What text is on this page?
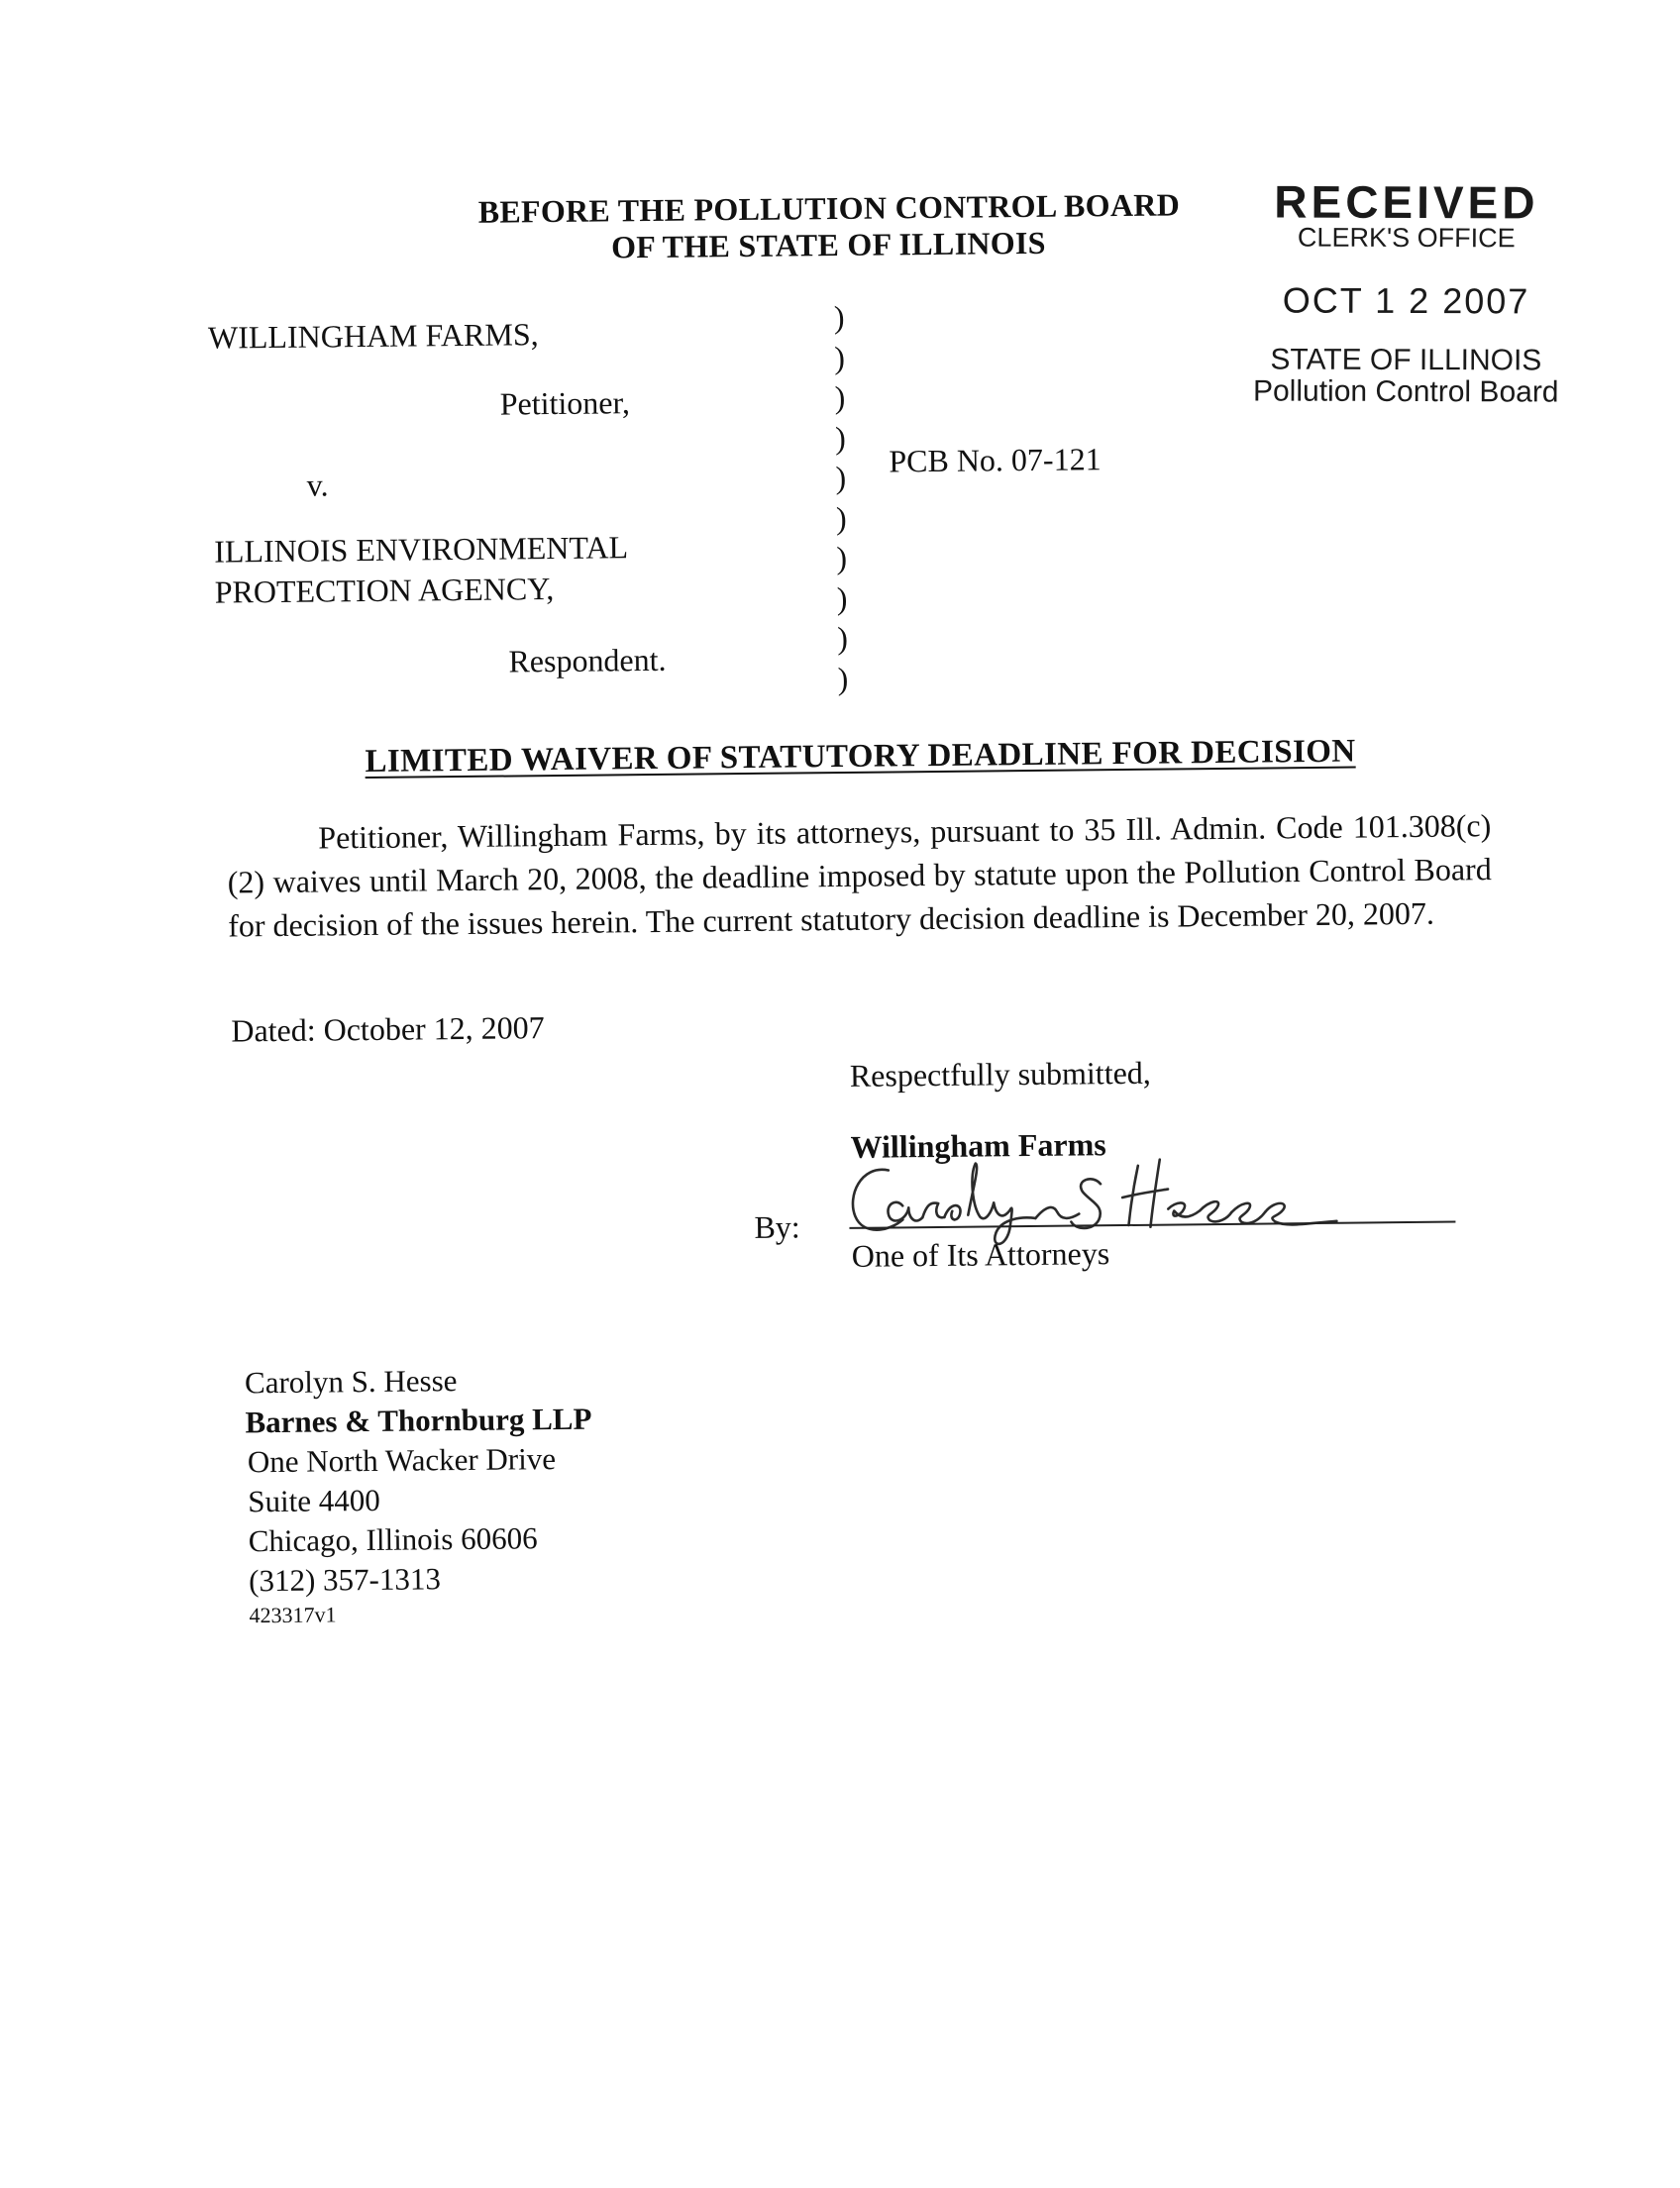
BEFORE THE POLLUTION CONTROL BOARD
OF THE STATE OF ILLINOIS
RECEIVED
CLERK'S OFFICE
OCT 1 2 2007
STATE OF ILLINOIS
Pollution Control Board
WILLINGHAM FARMS,
Petitioner,
v.
ILLINOIS ENVIRONMENTAL
PROTECTION AGENCY,
Respondent.
)
)
)
)
)
)
)
)
)
)
PCB No. 07-121
LIMITED WAIVER OF STATUTORY DEADLINE FOR DECISION
Petitioner, Willingham Farms, by its attorneys, pursuant to 35 Ill. Admin. Code 101.308(c)(2) waives until March 20, 2008, the deadline imposed by statute upon the Pollution Control Board for decision of the issues herein. The current statutory decision deadline is December 20, 2007.
Dated: October 12, 2007
Respectfully submitted,
Willingham Farms
By:
One of Its Attorneys
Carolyn S. Hesse
Barnes & Thornburg LLP
One North Wacker Drive
Suite 4400
Chicago, Illinois 60606
(312) 357-1313
423317v1
